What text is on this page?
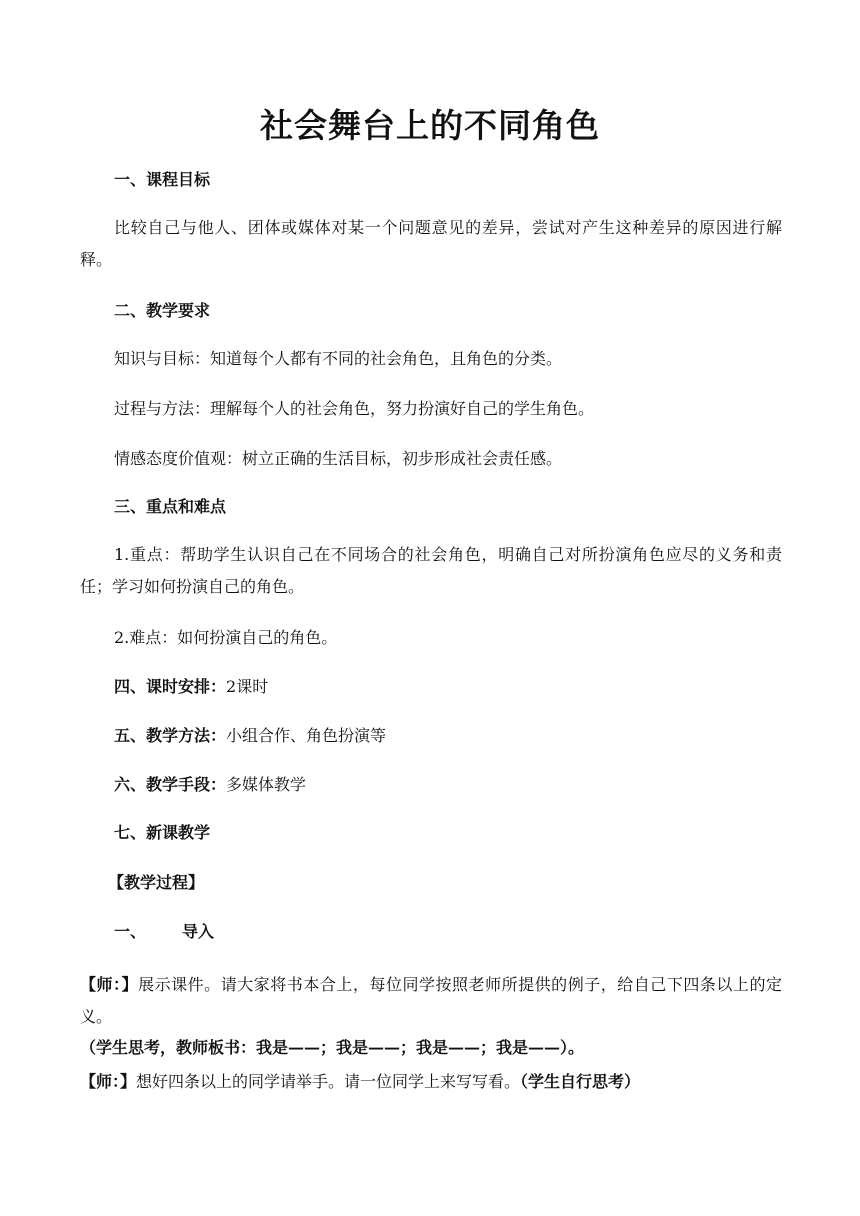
社会舞台上的不同角色
一、课程目标
比较自己与他人、团体或媒体对某一个问题意见的差异，尝试对产生这种差异的原因进行解释。
二、教学要求
知识与目标：知道每个人都有不同的社会角色，且角色的分类。
过程与方法：理解每个人的社会角色，努力扮演好自己的学生角色。
情感态度价值观：树立正确的生活目标，初步形成社会责任感。
三、重点和难点
1.重点：帮助学生认识自己在不同场合的社会角色，明确自己对所扮演角色应尽的义务和责任；学习如何扮演自己的角色。
2.难点：如何扮演自己的角色。
四、课时安排：2课时
五、教学方法：小组合作、角色扮演等
六、教学手段：多媒体教学
七、新课教学
【教学过程】
一、 导入
【师：】展示课件。请大家将书本合上，每位同学按照老师所提供的例子，给自己下四条以上的定义。
（学生思考，教师板书：我是——；我是——；我是——；我是——）。
【师：】想好四条以上的同学请举手。请一位同学上来写写看。（学生自行思考）
